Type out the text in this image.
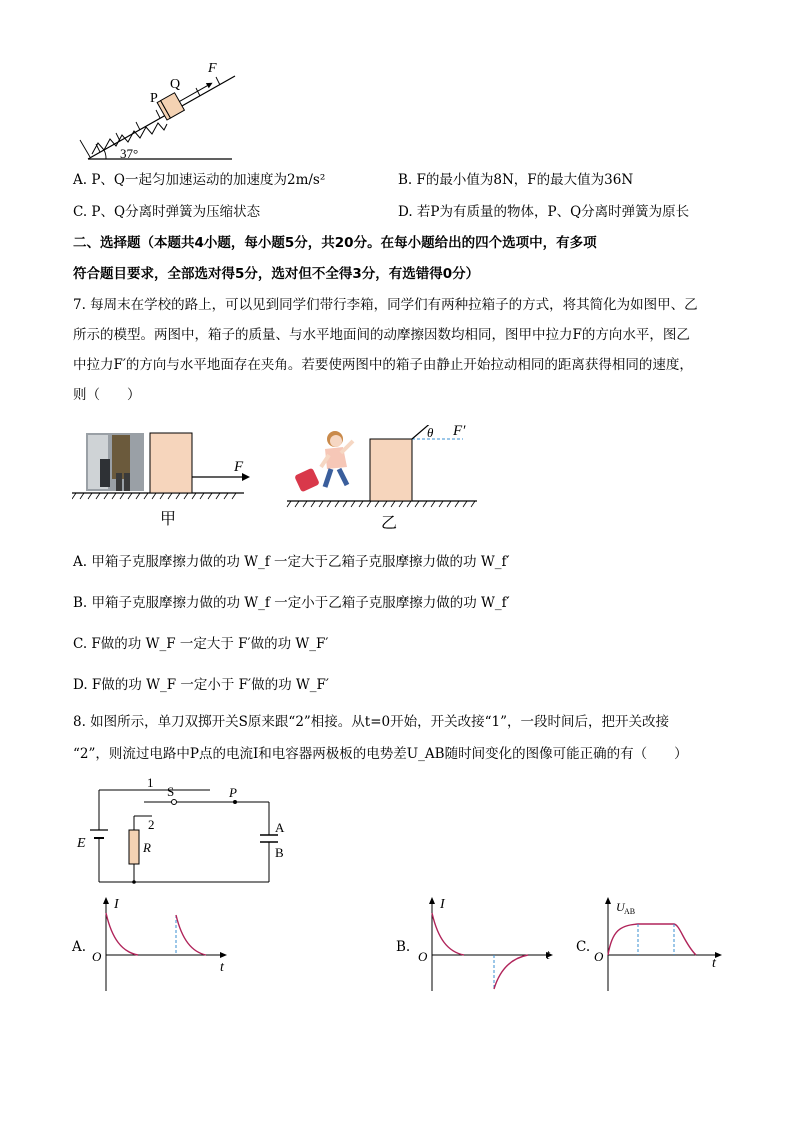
P
Q
F
37°
A. P、Q一起匀加速运动的加速度为2m/s²	B. F的最小值为8N，F的最大值为36N
C. P、Q分离时弹簧为压缩状态	D. 若P为有质量的物体，P、Q分离时弹簧为原长
二、选择题（本题共4小题，每小题5分，共20分。在每小题给出的四个选项中，有多项
符合题目要求，全部选对得5分，选对但不全得3分，有选错得0分）
7. 每周末在学校的路上，可以见到同学们带行李箱，同学们有两种拉箱子的方式，将其简化为如图甲、乙
所示的模型。两图中，箱子的质量、与水平地面间的动摩擦因数均相同，图甲中拉力F的方向水平，图乙
中拉力F′的方向与水平地面存在夹角。若要使两图中的箱子由静止开始拉动相同的距离获得相同的速度，
则（　　）
F
甲
F′
θ
乙
A. 甲箱子克服摩擦力做的功 W_f 一定大于乙箱子克服摩擦力做的功 W_f′
B. 甲箱子克服摩擦力做的功 W_f 一定小于乙箱子克服摩擦力做的功 W_f′
C. F做的功 W_F 一定大于 F′做的功 W_F′
D. F做的功 W_F 一定小于 F′做的功 W_F′
8. 如图所示，单刀双掷开关S原来跟“2”相接。从t=0开始，开关改接“1”，一段时间后，把开关改接
“2”，则流过电路中P点的电流I和电容器两极板的电势差U_AB随时间变化的图像可能正确的有（　　）
E
S
1
2
P
R
A
B
A.
I
t
O
B.
I
t
O
C.
U AB
t
O
